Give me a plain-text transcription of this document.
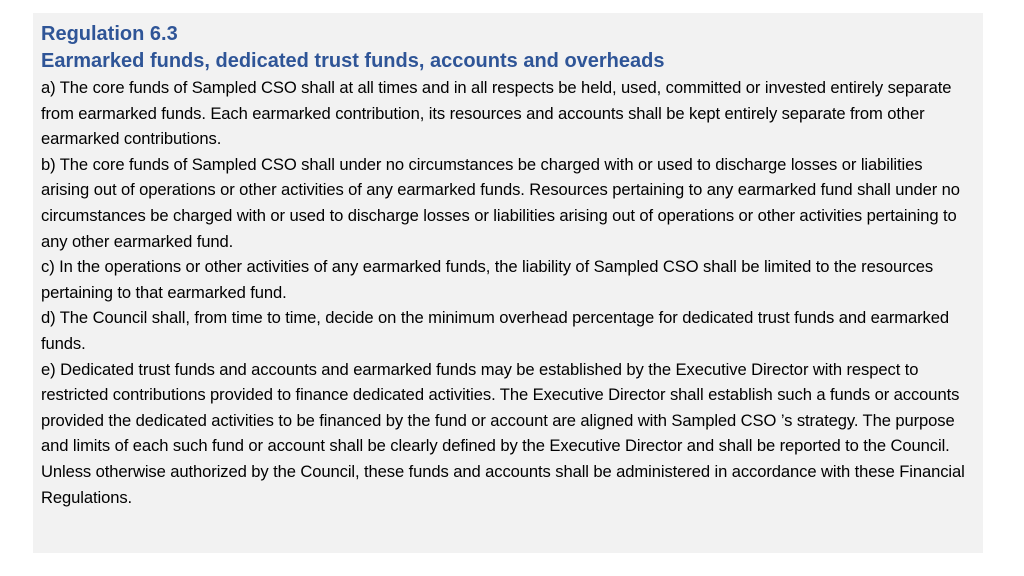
Regulation 6.3

Earmarked funds, dedicated trust funds, accounts and overheads

a) The core funds of Sampled CSO shall at all times and in all respects be held, used, committed or invested entirely separate from earmarked funds. Each earmarked contribution, its resources and accounts shall be kept entirely separate from other earmarked contributions.

b) The core funds of Sampled CSO shall under no circumstances be charged with or used to discharge losses or liabilities arising out of operations or other activities of any earmarked funds. Resources pertaining to any earmarked fund shall under no circumstances be charged with or used to discharge losses or liabilities arising out of operations or other activities pertaining to any other earmarked fund.

c) In the operations or other activities of any earmarked funds, the liability of Sampled CSO shall be limited to the resources pertaining to that earmarked fund.

d) The Council shall, from time to time, decide on the minimum overhead percentage for dedicated trust funds and earmarked funds.

e) Dedicated trust funds and accounts and earmarked funds may be established by the Executive Director with respect to restricted contributions provided to finance dedicated activities. The Executive Director shall establish such a funds or accounts provided the dedicated activities to be financed by the fund or account are aligned with Sampled CSO ’s strategy. The purpose and limits of each such fund or account shall be clearly defined by the Executive Director and shall be reported to the Council. Unless otherwise authorized by the Council, these funds and accounts shall be administered in accordance with these Financial Regulations.
